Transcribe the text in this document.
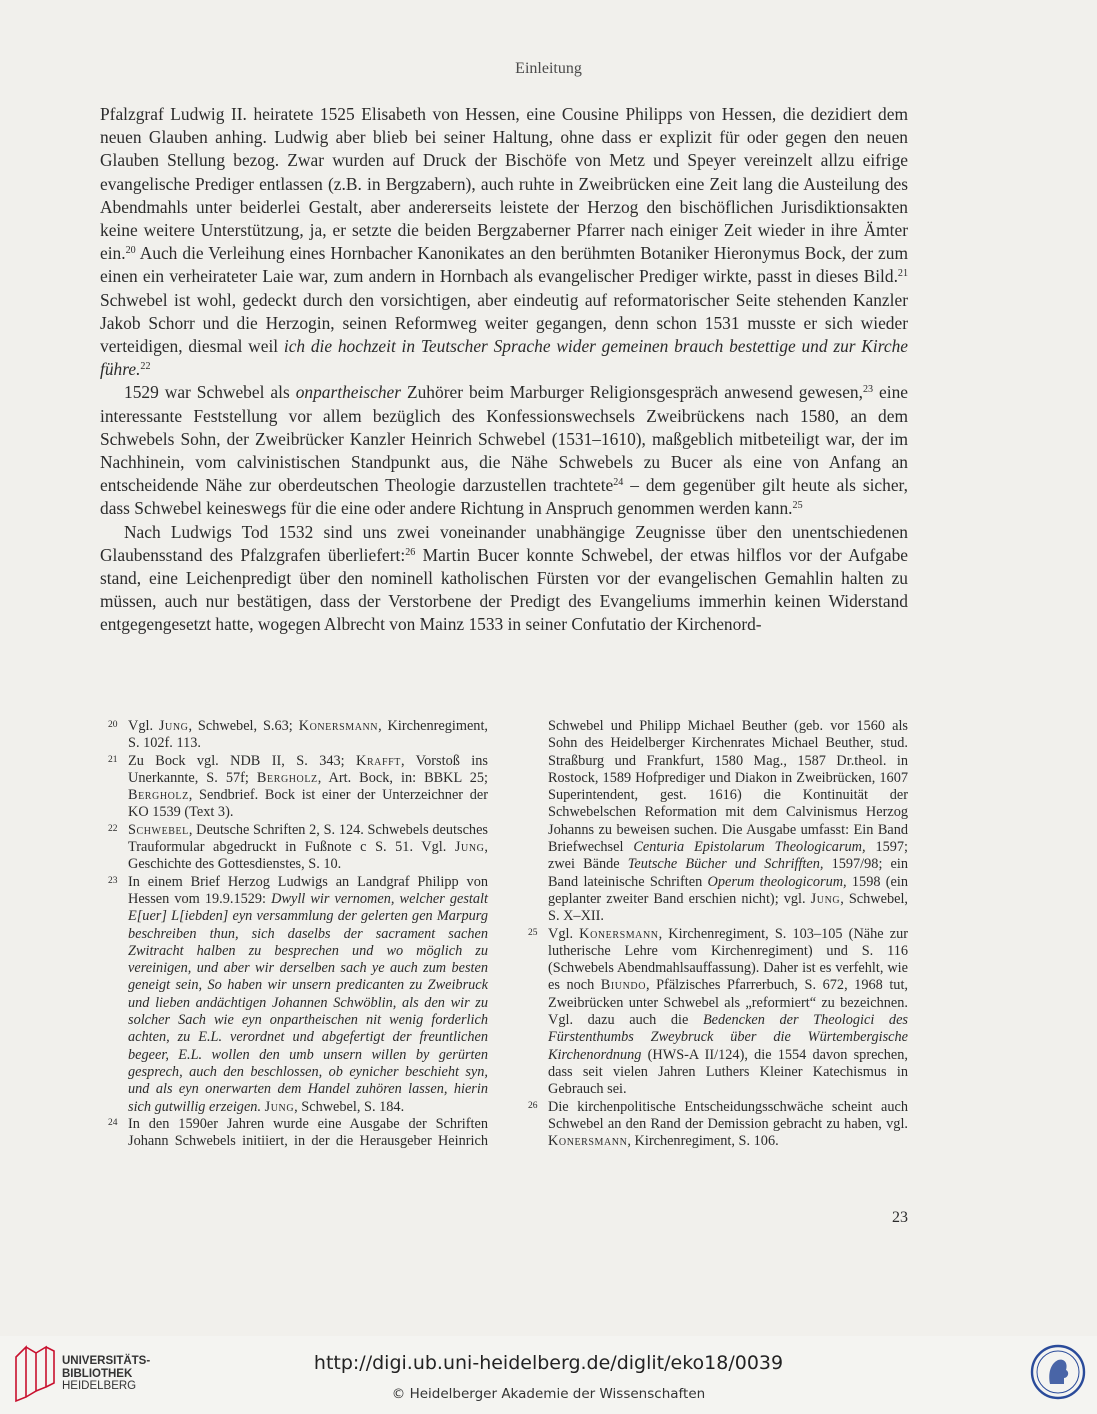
Einleitung

Pfalzgraf Ludwig II. heiratete 1525 Elisabeth von Hessen, eine Cousine Philipps von Hessen, die dezidiert dem neuen Glauben anhing. Ludwig aber blieb bei seiner Haltung, ohne dass er explizit für oder gegen den neuen Glauben Stellung bezog. Zwar wurden auf Druck der Bischöfe von Metz und Speyer vereinzelt allzu eifrige evangelische Prediger entlassen (z.B. in Bergzabern), auch ruhte in Zweibrücken eine Zeit lang die Austeilung des Abendmahls unter beiderlei Gestalt, aber andererseits leistete der Herzog den bischöflichen Jurisdiktionsakten keine weitere Unterstützung, ja, er setzte die beiden Bergzaberner Pfarrer nach einiger Zeit wieder in ihre Ämter ein.$^{20}$ Auch die Verleihung eines Hornbacher Kanonikates an den berühmten Botaniker Hieronymus Bock, der zum einen ein verheirateter Laie war, zum andern in Hornbach als evangelischer Prediger wirkte, passt in dieses Bild.$^{21}$ Schwebel ist wohl, gedeckt durch den vorsichtigen, aber eindeutig auf reformatorischer Seite stehenden Kanzler Jakob Schorr und die Herzogin, seinen Reformweg weiter gegangen, denn schon 1531 musste er sich wieder verteidigen, diesmal weil ich die hochzeit in Teutscher Sprache wider gemeinen brauch bestettige und zur Kirche führe.$^{22}$

1529 war Schwebel als onpartheischer Zuhörer beim Marburger Religionsgespräch anwesend gewesen,$^{23}$ eine interessante Feststellung vor allem bezüglich des Konfessionswechsels Zweibrückens nach 1580, an dem Schwebels Sohn, der Zweibrücker Kanzler Heinrich Schwebel (1531–1610), maßgeblich mitbeteiligt war, der im Nachhinein, vom calvinistischen Standpunkt aus, die Nähe Schwebels zu Bucer als eine von Anfang an entscheidende Nähe zur oberdeutschen Theologie darzustellen trachtete$^{24}$ – dem gegenüber gilt heute als sicher, dass Schwebel keineswegs für die eine oder andere Richtung in Anspruch genommen werden kann.$^{25}$

Nach Ludwigs Tod 1532 sind uns zwei voneinander unabhängige Zeugnisse über den unentschiedenen Glaubensstand des Pfalzgrafen überliefert:$^{26}$ Martin Bucer konnte Schwebel, der etwas hilflos vor der Aufgabe stand, eine Leichenpredigt über den nominell katholischen Fürsten vor der evangelischen Gemahlin halten zu müssen, auch nur bestätigen, dass der Verstorbene der Predigt des Evangeliums immerhin keinen Widerstand entgegengesetzt hatte, wogegen Albrecht von Mainz 1533 in seiner Confutatio der Kirchenord-

20 Vgl. Jung, Schwebel, S.63; Konersmann, Kirchenregiment, S. 102f. 113.

21 Zu Bock vgl. NDB II, S. 343; Krafft, Vorstoß ins Unerkannte, S. 57f; Bergholz, Art. Bock, in: BBKL 25; Bergholz, Sendbrief. Bock ist einer der Unterzeichner der KO 1539 (Text 3).

22 Schwebel, Deutsche Schriften 2, S. 124. Schwebels deutsches Trauformular abgedruckt in Fußnote c S. 51. Vgl. Jung, Geschichte des Gottesdienstes, S. 10.

23 In einem Brief Herzog Ludwigs an Landgraf Philipp von Hessen vom 19.9.1529: Dwyll wir vernomen, welcher gestalt E[uer] L[iebden] eyn versammlung der gelerten gen Marpurg beschreiben thun, sich daselbs der sacrament sachen Zwitracht halben zu besprechen und wo möglich zu vereinigen, und aber wir derselben sach ye auch zum besten geneigt sein, So haben wir unsern predicanten zu Zweibruck und lieben andächtigen Johannen Schwöblin, als den wir zu solcher Sach wie eyn onpartheischen nit wenig forderlich achten, zu E.L. verordnet und abgefertigt der freuntlichen begeer, E.L. wollen den umb unsern willen by gerürten gesprech, auch den beschlossen, ob eynicher beschieht syn, und als eyn onerwarten dem Handel zuhören lassen, hierin sich gutwillig erzeigen. Jung, Schwebel, S. 184.

24 In den 1590er Jahren wurde eine Ausgabe der Schriften Johann Schwebels initiiert, in der die Herausgeber Heinrich Schwebel und Philipp Michael Beuther (geb. vor 1560 als Sohn des Heidelberger Kirchenrates Michael Beuther, stud. Straßburg und Frankfurt, 1580 Mag., 1587 Dr.theol. in Rostock, 1589 Hofprediger und Diakon in Zweibrücken, 1607 Superintendent, gest. 1616) die Kontinuität der Schwebelschen Reformation mit dem Calvinismus Herzog Johanns zu beweisen suchen. Die Ausgabe umfasst: Ein Band Briefwechsel Centuria Epistolarum Theologicarum, 1597; zwei Bände Teutsche Bücher und Schrifften, 1597/98; ein Band lateinische Schriften Operum theologicorum, 1598 (ein geplanter zweiter Band erschien nicht); vgl. Jung, Schwebel, S. X–XII.

25 Vgl. Konersmann, Kirchenregiment, S. 103–105 (Nähe zur lutherische Lehre vom Kirchenregiment) und S. 116 (Schwebels Abendmahlsauffassung). Daher ist es verfehlt, wie es noch Biundo, Pfälzisches Pfarrerbuch, S. 672, 1968 tut, Zweibrücken unter Schwebel als „reformiert“ zu bezeichnen. Vgl. dazu auch die Bedencken der Theologici des Fürstenthumbs Zweybruck über die Würtembergische Kirchenordnung (HWS-A II/124), die 1554 davon sprechen, dass seit vielen Jahren Luthers Kleiner Katechismus in Gebrauch sei.

26 Die kirchenpolitische Entscheidungsschwäche scheint auch Schwebel an den Rand der Demission gebracht zu haben, vgl. Konersmann, Kirchenregiment, S. 106.

23
UNIVERSITÄTS-
BIBLIOTHEK
HEIDELBERG
http://digi.ub.uni-heidelberg.de/diglit/eko18/0039
© Heidelberger Akademie der Wissenschaften
